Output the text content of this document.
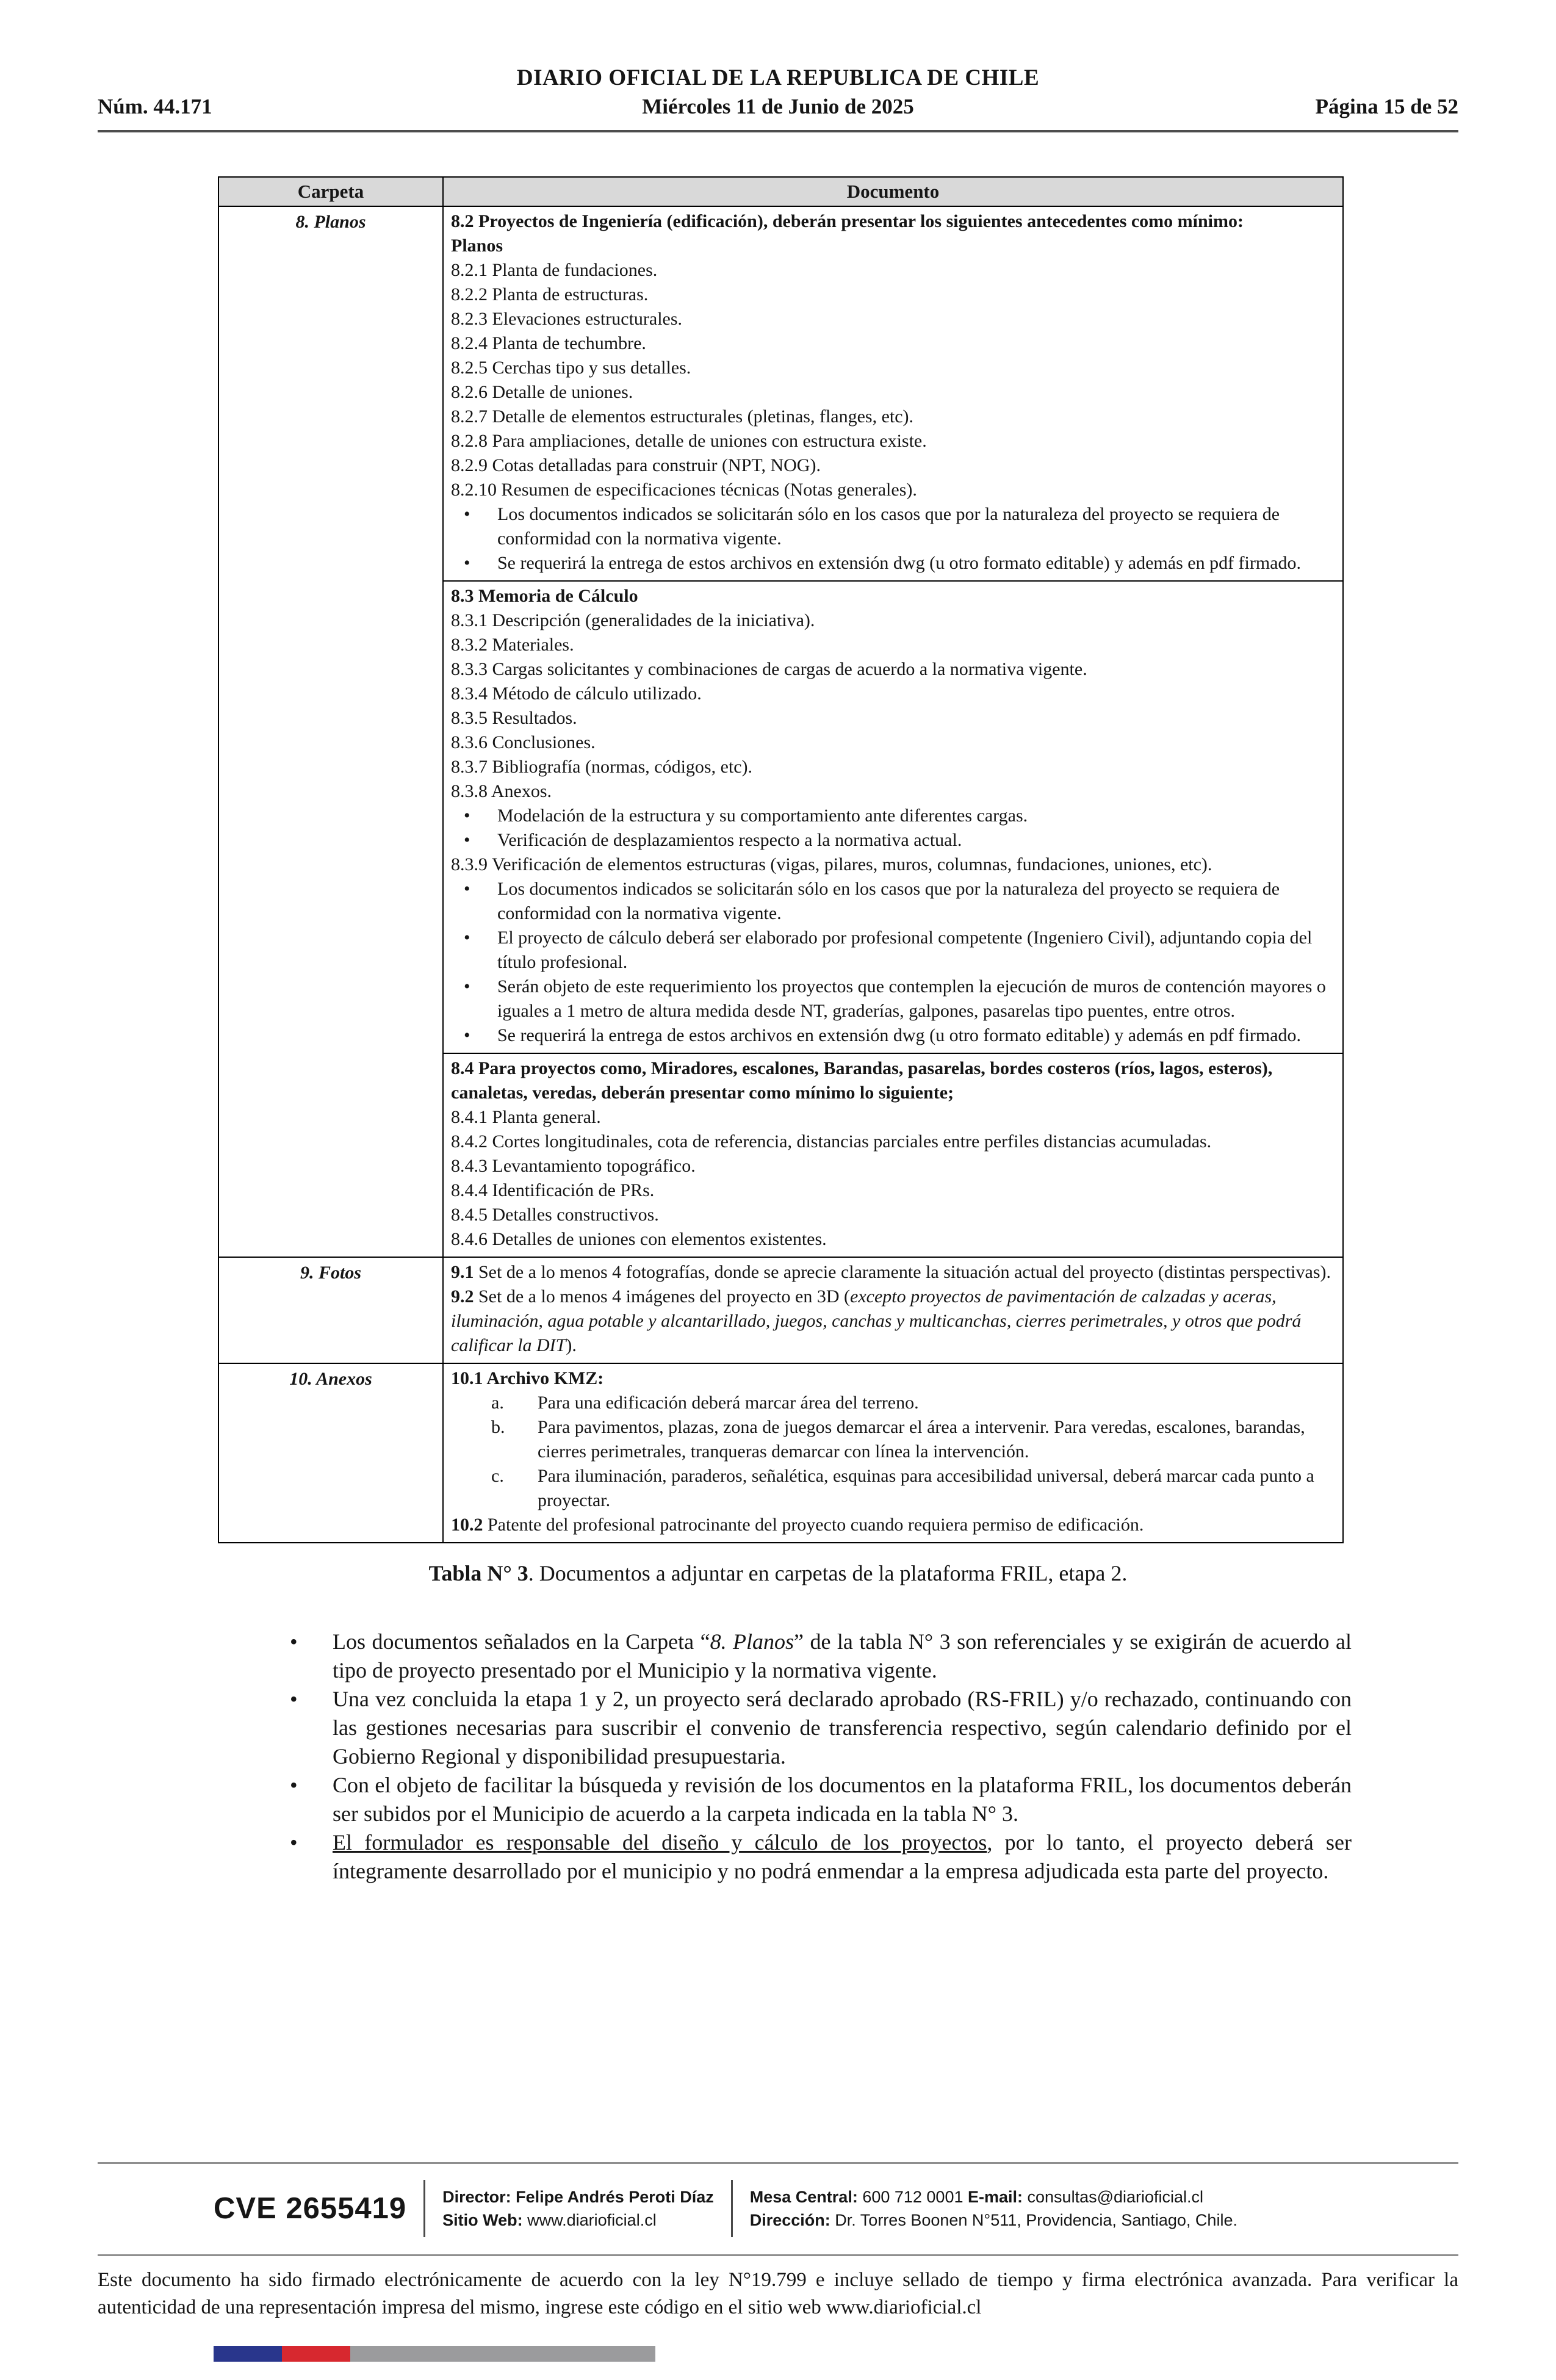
DIARIO OFICIAL DE LA REPUBLICA DE CHILE
Núm. 44.171	Miércoles 11 de Junio de 2025	Página 15 de 52
Carpeta	Documento
8. Planos	8.2 Proyectos de Ingeniería (edificación), deberán presentar los siguientes antecedentes como mínimo:
Planos
8.2.1 Planta de fundaciones.
8.2.2 Planta de estructuras.
8.2.3 Elevaciones estructurales.
8.2.4 Planta de techumbre.
8.2.5 Cerchas tipo y sus detalles.
8.2.6 Detalle de uniones.
8.2.7 Detalle de elementos estructurales (pletinas, flanges, etc).
8.2.8 Para ampliaciones, detalle de uniones con estructura existe.
8.2.9 Cotas detalladas para construir (NPT, NOG).
8.2.10 Resumen de especificaciones técnicas (Notas generales).
•	Los documentos indicados se solicitarán sólo en los casos que por la naturaleza del proyecto se requiera de conformidad con la normativa vigente.
•	Se requerirá la entrega de estos archivos en extensión dwg (u otro formato editable) y además en pdf firmado.

8.3 Memoria de Cálculo
8.3.1 Descripción (generalidades de la iniciativa).
8.3.2 Materiales.
8.3.3 Cargas solicitantes y combinaciones de cargas de acuerdo a la normativa vigente.
8.3.4 Método de cálculo utilizado.
8.3.5 Resultados.
8.3.6 Conclusiones.
8.3.7 Bibliografía (normas, códigos, etc).
8.3.8 Anexos.
•	Modelación de la estructura y su comportamiento ante diferentes cargas.
•	Verificación de desplazamientos respecto a la normativa actual.
8.3.9 Verificación de elementos estructuras (vigas, pilares, muros, columnas, fundaciones, uniones, etc).
•	Los documentos indicados se solicitarán sólo en los casos que por la naturaleza del proyecto se requiera de conformidad con la normativa vigente.
•	El proyecto de cálculo deberá ser elaborado por profesional competente (Ingeniero Civil), adjuntando copia del título profesional.
•	Serán objeto de este requerimiento los proyectos que contemplen la ejecución de muros de contención mayores o iguales a 1 metro de altura medida desde NT, graderías, galpones, pasarelas tipo puentes, entre otros.
•	Se requerirá la entrega de estos archivos en extensión dwg (u otro formato editable) y además en pdf firmado.

8.4 Para proyectos como, Miradores, escalones, Barandas, pasarelas, bordes costeros (ríos, lagos, esteros), canaletas, veredas, deberán presentar como mínimo lo siguiente;
8.4.1 Planta general.
8.4.2 Cortes longitudinales, cota de referencia, distancias parciales entre perfiles distancias acumuladas.
8.4.3 Levantamiento topográfico.
8.4.4 Identificación de PRs.
8.4.5 Detalles constructivos.
8.4.6 Detalles de uniones con elementos existentes.

9. Fotos	9.1 Set de a lo menos 4 fotografías, donde se aprecie claramente la situación actual del proyecto (distintas perspectivas).
9.2 Set de a lo menos 4 imágenes del proyecto en 3D (excepto proyectos de pavimentación de calzadas y aceras, iluminación, agua potable y alcantarillado, juegos, canchas y multicanchas, cierres perimetrales, y otros que podrá calificar la DIT).

10. Anexos	10.1 Archivo KMZ:
a.	Para una edificación deberá marcar área del terreno.
b.	Para pavimentos, plazas, zona de juegos demarcar el área a intervenir. Para veredas, escalones, barandas, cierres perimetrales, tranqueras demarcar con línea la intervención.
c.	Para iluminación, paraderos, señalética, esquinas para accesibilidad universal, deberá marcar cada punto a proyectar.
10.2 Patente del profesional patrocinante del proyecto cuando requiera permiso de edificación.
Tabla N° 3. Documentos a adjuntar en carpetas de la plataforma FRIL, etapa 2.
•	Los documentos señalados en la Carpeta “8. Planos” de la tabla N° 3 son referenciales y se exigirán de acuerdo al tipo de proyecto presentado por el Municipio y la normativa vigente.
•	Una vez concluida la etapa 1 y 2, un proyecto será declarado aprobado (RS-FRIL) y/o rechazado, continuando con las gestiones necesarias para suscribir el convenio de transferencia respectivo, según calendario definido por el Gobierno Regional y disponibilidad presupuestaria.
•	Con el objeto de facilitar la búsqueda y revisión de los documentos en la plataforma FRIL, los documentos deberán ser subidos por el Municipio de acuerdo a la carpeta indicada en la tabla N° 3.
•	El formulador es responsable del diseño y cálculo de los proyectos, por lo tanto, el proyecto deberá ser íntegramente desarrollado por el municipio y no podrá enmendar a la empresa adjudicada esta parte del proyecto.
CVE 2655419 Director: Felipe Andrés Peroti Díaz
Sitio Web: www.diarioficial.cl
Mesa Central: 600 712 0001 E-mail: consultas@diarioficial.cl
Dirección: Dr. Torres Boonen N°511, Providencia, Santiago, Chile.
Este documento ha sido firmado electrónicamente de acuerdo con la ley N°19.799 e incluye sellado de tiempo y firma electrónica avanzada. Para verificar la autenticidad de una representación impresa del mismo, ingrese este código en el sitio web www.diarioficial.cl
